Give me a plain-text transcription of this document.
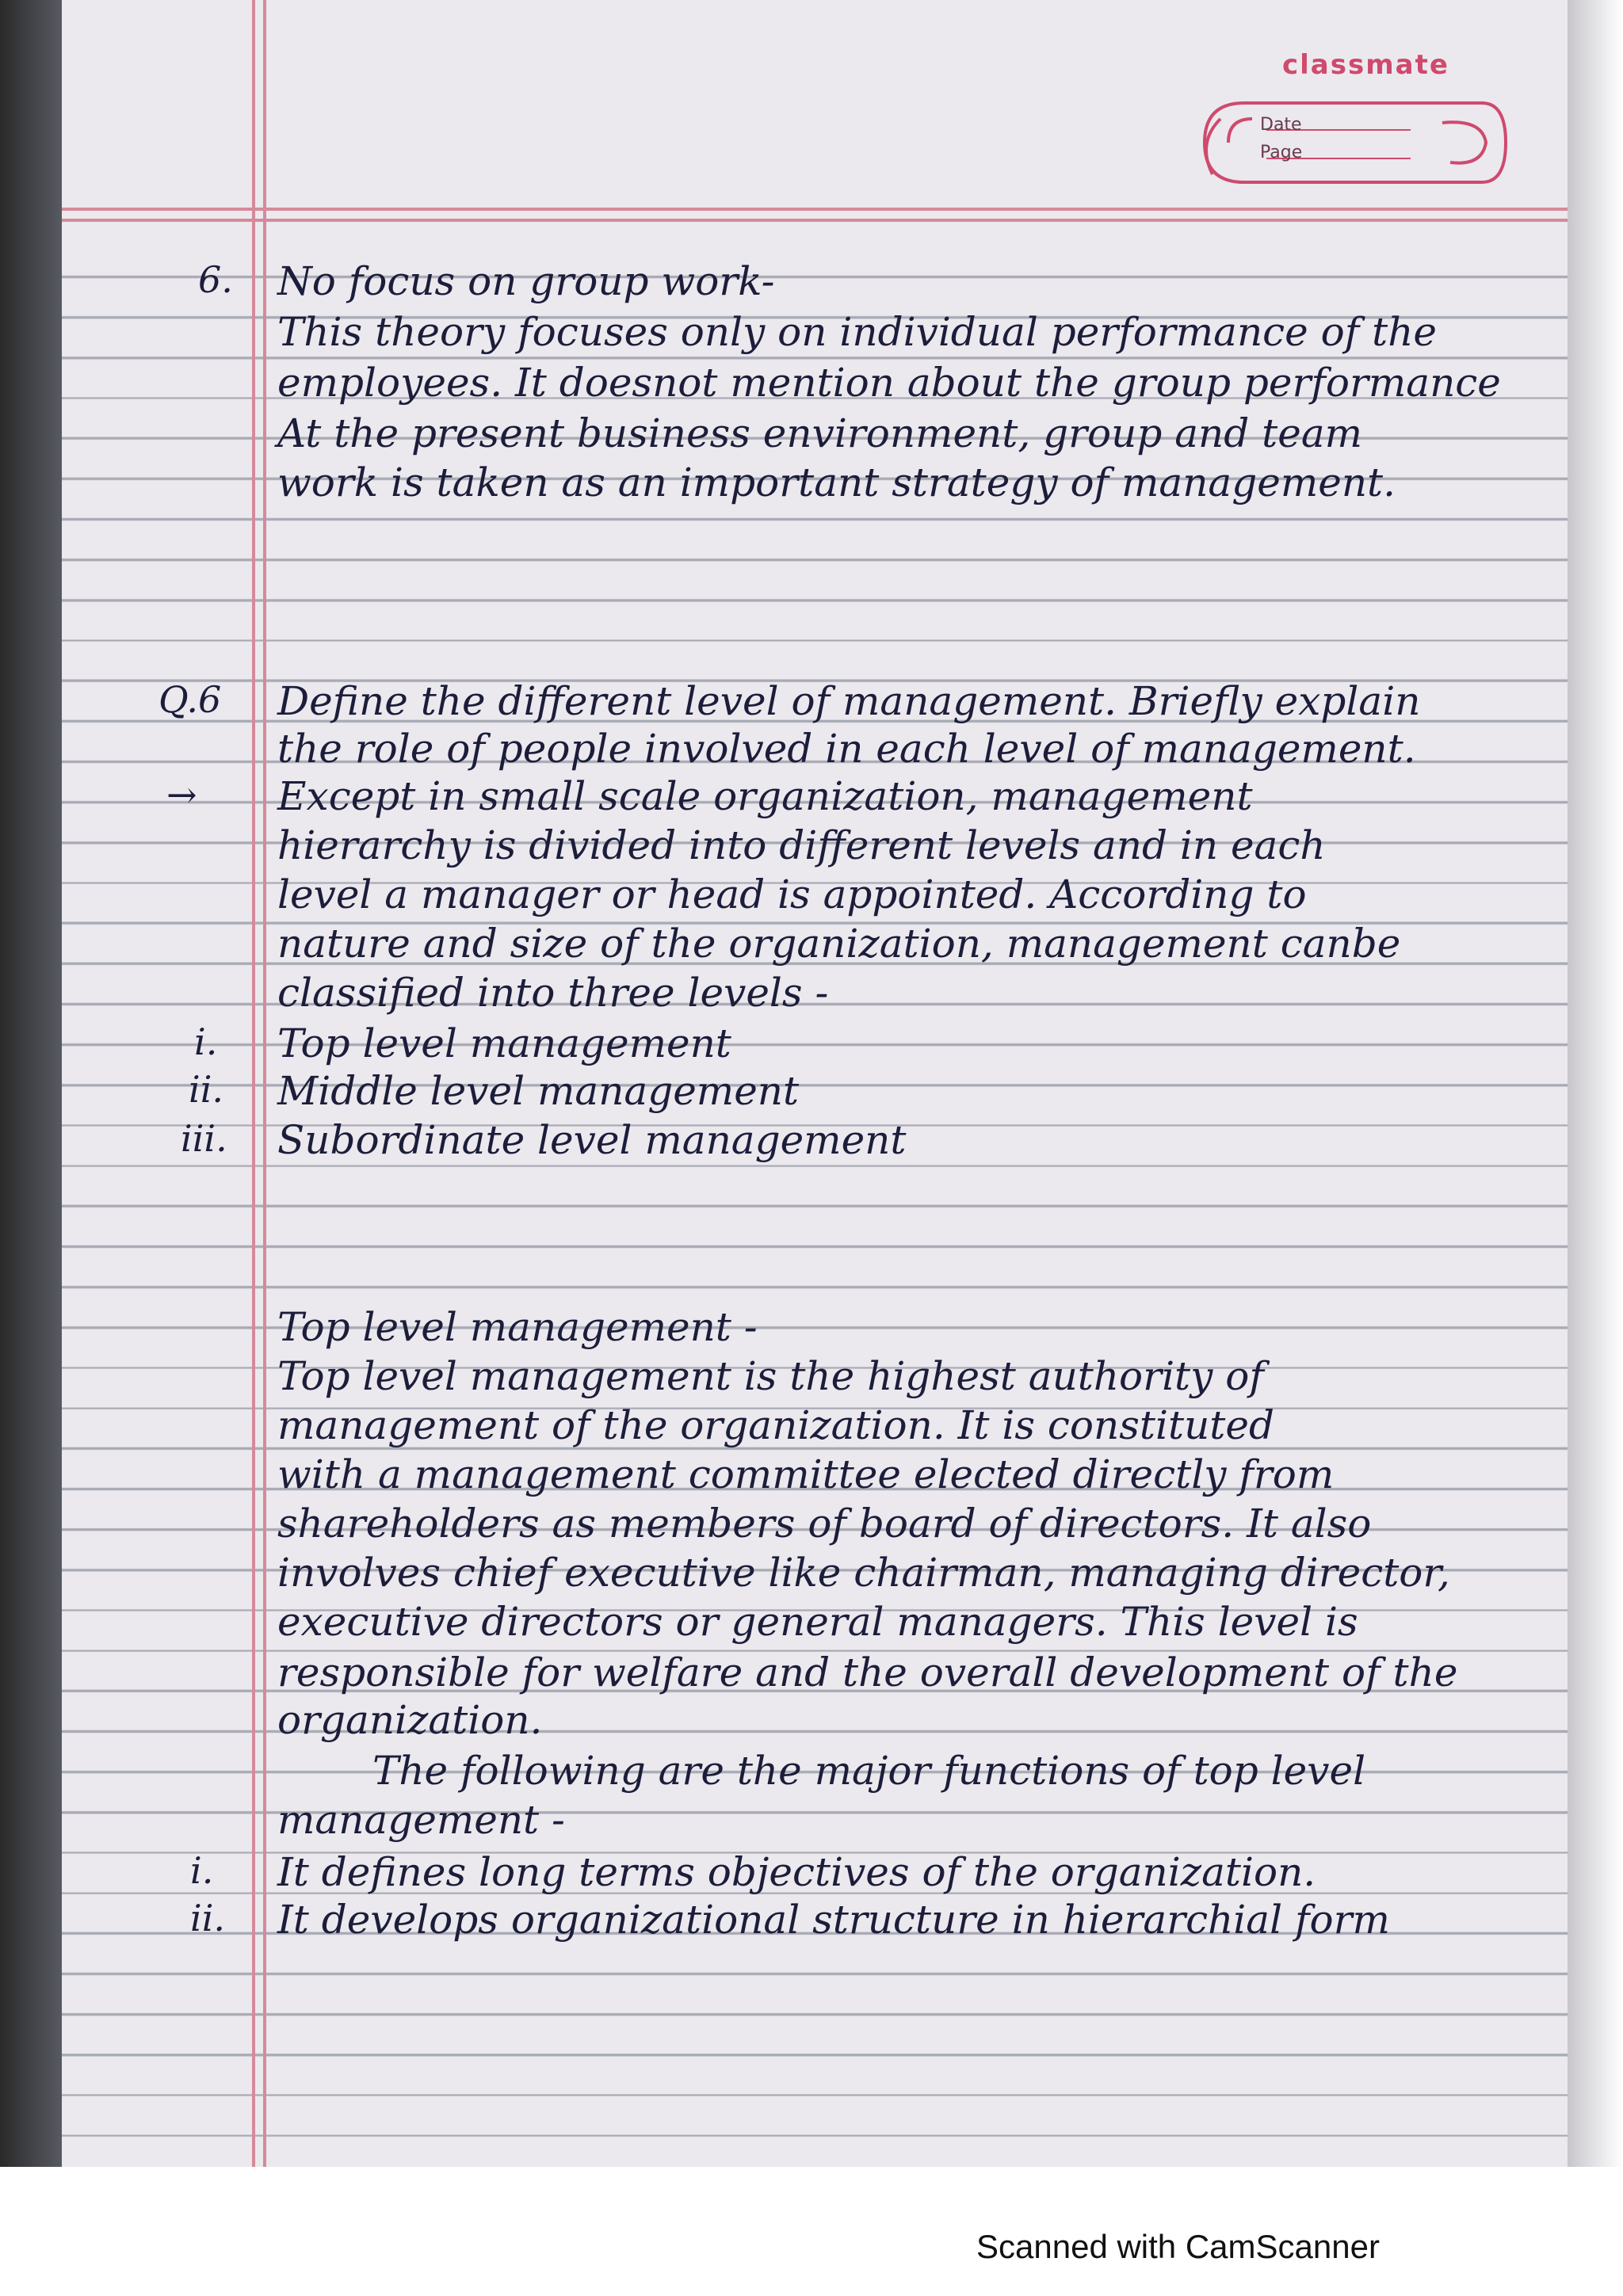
classmate
Date
Page
6. No focus on group work-
This theory focuses only on individual performance of the
employees. It doesnot mention about the group performance
At the present business environment, group and team
work is taken as an important strategy of management.
Q.6 Define the different level of management. Briefly explain
the role of people involved in each level of management.
→ Except in small scale organization, management
hierarchy is divided into different levels and in each
level a manager or head is appointed. According to
nature and size of the organization, management canbe
classified into three levels -
i. Top level management
ii. Middle level management
iii. Subordinate level management
Top level management -
Top level management is the highest authority of
management of the organization. It is constituted
with a management committee elected directly from
shareholders as members of board of directors. It also
involves chief executive like chairman, managing director,
executive directors or general managers. This level is
responsible for welfare and the overall development of the
organization.
The following are the major functions of top level
management -
i. It defines long terms objectives of the organization.
ii. It develops organizational structure in hierarchial form
Scanned with CamScanner
